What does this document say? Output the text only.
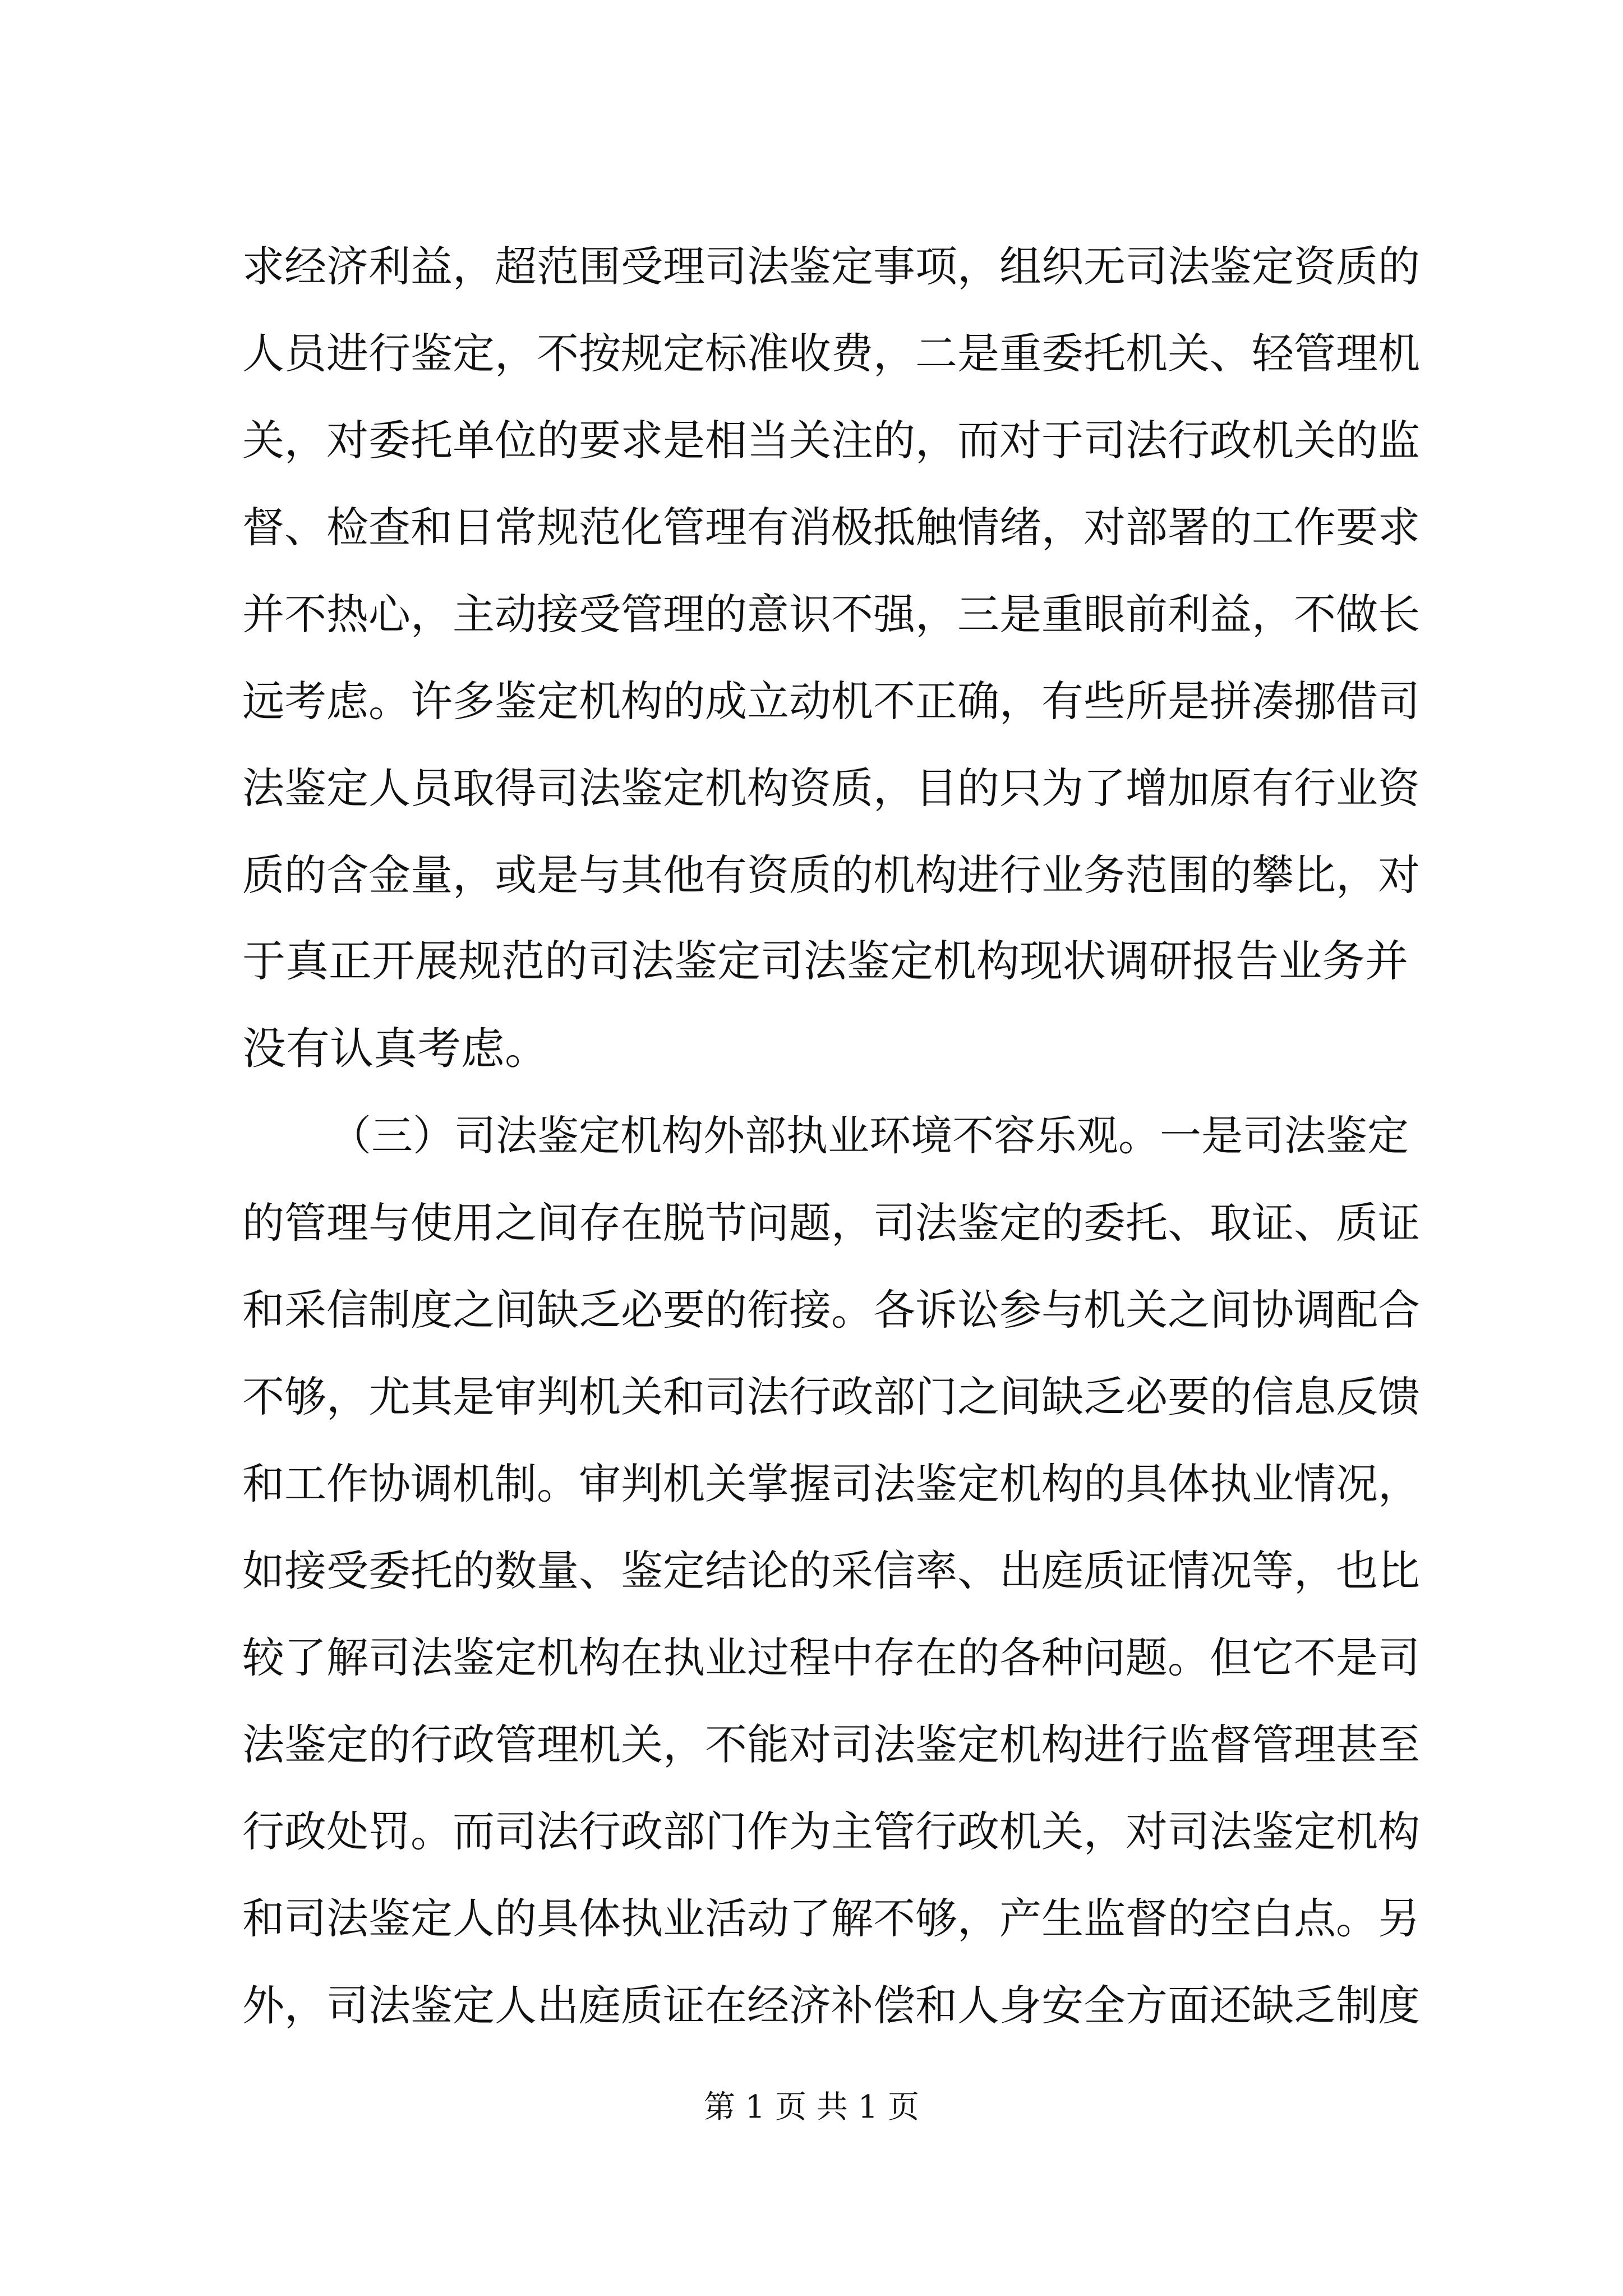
求经济利益，超范围受理司法鉴定事项，组织无司法鉴定资质的
人员进行鉴定，不按规定标准收费，二是重委托机关、轻管理机
关，对委托单位的要求是相当关注的，而对于司法行政机关的监
督、检查和日常规范化管理有消极抵触情绪，对部署的工作要求
并不热心，主动接受管理的意识不强，三是重眼前利益，不做长
远考虑。许多鉴定机构的成立动机不正确，有些所是拼凑挪借司
法鉴定人员取得司法鉴定机构资质，目的只为了增加原有行业资
质的含金量，或是与其他有资质的机构进行业务范围的攀比，对
于真正开展规范的司法鉴定司法鉴定机构现状调研报告业务并
没有认真考虑。
（三）司法鉴定机构外部执业环境不容乐观。一是司法鉴定
的管理与使用之间存在脱节问题，司法鉴定的委托、取证、质证
和采信制度之间缺乏必要的衔接。各诉讼参与机关之间协调配合
不够，尤其是审判机关和司法行政部门之间缺乏必要的信息反馈
和工作协调机制。审判机关掌握司法鉴定机构的具体执业情况，
如接受委托的数量、鉴定结论的采信率、出庭质证情况等，也比
较了解司法鉴定机构在执业过程中存在的各种问题。但它不是司
法鉴定的行政管理机关，不能对司法鉴定机构进行监督管理甚至
行政处罚。而司法行政部门作为主管行政机关，对司法鉴定机构
和司法鉴定人的具体执业活动了解不够，产生监督的空白点。另
外，司法鉴定人出庭质证在经济补偿和人身安全方面还缺乏制度
第 1 页 共 1 页
